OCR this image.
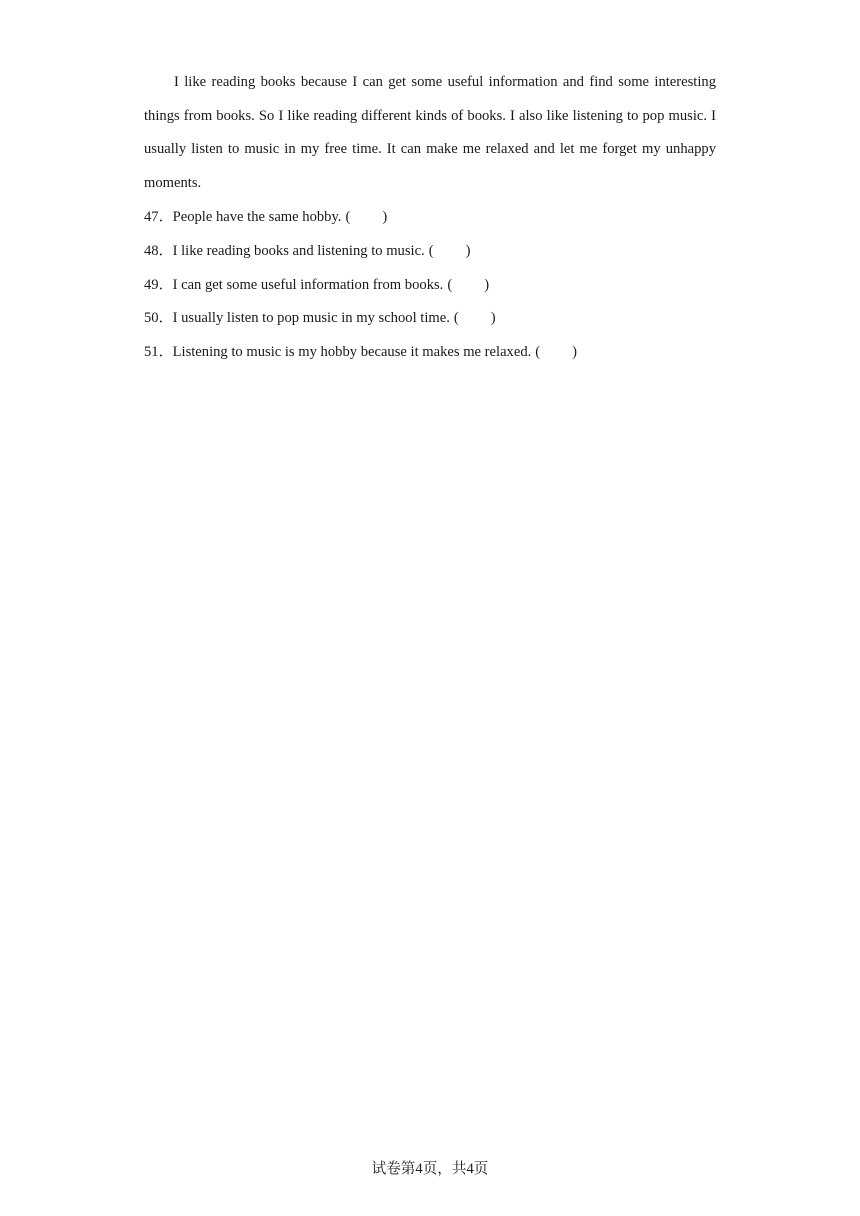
I like reading books because I can get some useful information and find some interesting things from books. So I like reading different kinds of books. I also like listening to pop music. I usually listen to music in my free time. It can make me relaxed and let me forget my unhappy moments.

47．People have the same hobby. ( )
48．I like reading books and listening to music. ( )
49．I can get some useful information from books. ( )
50．I usually listen to pop music in my school time. ( )
51．Listening to music is my hobby because it makes me relaxed. ( )
试卷第4页，共4页
